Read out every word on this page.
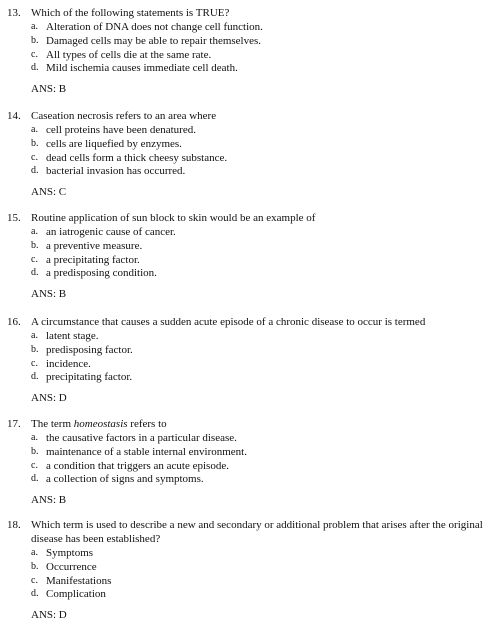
13. Which of the following statements is TRUE?
a. Alteration of DNA does not change cell function.
b. Damaged cells may be able to repair themselves.
c. All types of cells die at the same rate.
d. Mild ischemia causes immediate cell death.
ANS: B
14. Caseation necrosis refers to an area where
a. cell proteins have been denatured.
b. cells are liquefied by enzymes.
c. dead cells form a thick cheesy substance.
d. bacterial invasion has occurred.
ANS: C
15. Routine application of sun block to skin would be an example of
a. an iatrogenic cause of cancer.
b. a preventive measure.
c. a precipitating factor.
d. a predisposing condition.
ANS: B
16. A circumstance that causes a sudden acute episode of a chronic disease to occur is termed
a. latent stage.
b. predisposing factor.
c. incidence.
d. precipitating factor.
ANS: D
17. The term homeostasis refers to
a. the causative factors in a particular disease.
b. maintenance of a stable internal environment.
c. a condition that triggers an acute episode.
d. a collection of signs and symptoms.
ANS: B
18. Which term is used to describe a new and secondary or additional problem that arises after the original disease has been established?
a. Symptoms
b. Occurrence
c. Manifestations
d. Complication
ANS: D
